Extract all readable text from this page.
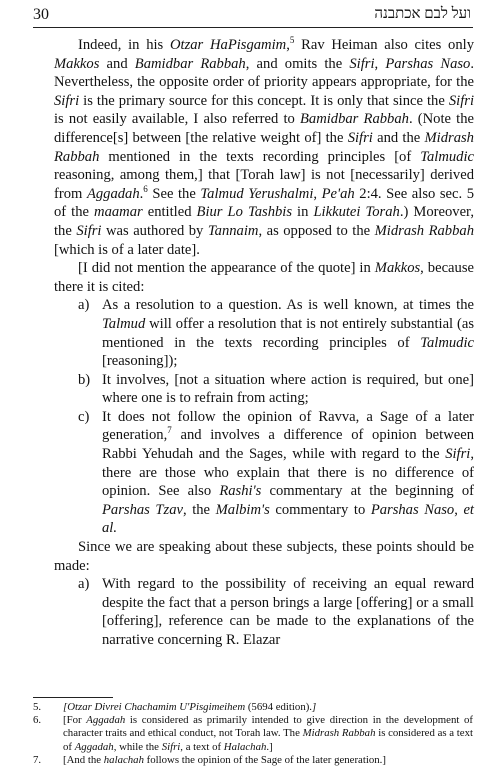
30	ועל לבם אכתבנה

Indeed, in his Otzar HaPisgamim,$^5$ Rav Heiman also cites only Makkos and Bamidbar Rabbah, and omits the Sifri, Parshas Naso. Nevertheless, the opposite order of priority appears appropriate, for the Sifri is the primary source for this concept. It is only that since the Sifri is not easily available, I also referred to Bamidbar Rabbah. (Note the difference[s] between [the relative weight of] the Sifri and the Midrash Rabbah mentioned in the texts recording principles [of Talmudic reasoning, among them,] that [Torah law] is not [necessarily] derived from Aggadah.$^6$ See the Talmud Yerushalmi, Pe'ah 2:4. See also sec. 5 of the maamar entitled Biur Lo Tashbis in Likkutei Torah.) Moreover, the Sifri was authored by Tannaim, as opposed to the Midrash Rabbah [which is of a later date].

[I did not mention the appearance of the quote] in Makkos, because there it is cited:

a) As a resolution to a question. As is well known, at times the Talmud will offer a resolution that is not entirely substantial (as mentioned in the texts recording principles of Talmudic [reasoning]);
b) It involves, [not a situation where action is required, but one] where one is to refrain from acting;
c) It does not follow the opinion of Ravva, a Sage of a later generation,$^7$ and involves a difference of opinion between Rabbi Yehudah and the Sages, while with regard to the Sifri, there are those who explain that there is no difference of opinion. See also Rashi's commentary at the beginning of Parshas Tzav, the Malbim's commentary to Parshas Naso, et al.

Since we are speaking about these subjects, these points should be made:

a) With regard to the possibility of receiving an equal reward despite the fact that a person brings a large [offering] or a small [offering], reference can be made to the explanations of the narrative concerning R. Elazar
5. [Otzar Divrei Chachamim U'Pisgimeihem (5694 edition).]
6. [For Aggadah is considered as primarily intended to give direction in the development of character traits and ethical conduct, not Torah law. The Midrash Rabbah is considered as a text of Aggadah, while the Sifri, a text of Halachah.]
7. [And the halachah follows the opinion of the Sage of the later generation.]
